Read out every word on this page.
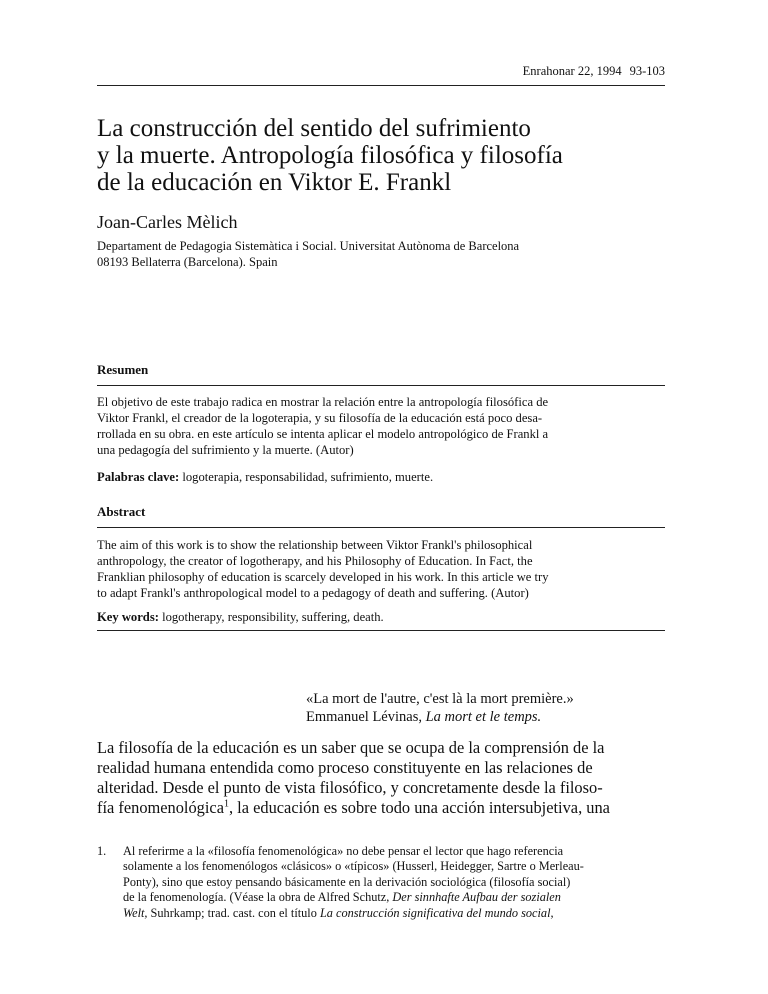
Enrahonar 22, 1994 93-103
La construcción del sentido del sufrimiento
y la muerte. Antropología filosófica y filosofía
de la educación en Viktor E. Frankl
Joan-Carles Mèlich
Departament de Pedagogia Sistemàtica i Social. Universitat Autònoma de Barcelona
08193 Bellaterra (Barcelona). Spain
Resumen
El objetivo de este trabajo radica en mostrar la relación entre la antropología filosófica de
Viktor Frankl, el creador de la logoterapia, y su filosofía de la educación está poco desa-
rrollada en su obra. en este artículo se intenta aplicar el modelo antropológico de Frankl a
una pedagogía del sufrimiento y la muerte. (Autor)
Palabras clave: logoterapia, responsabilidad, sufrimiento, muerte.
Abstract
The aim of this work is to show the relationship between Viktor Frankl's philosophical
anthropology, the creator of logotherapy, and his Philosophy of Education. In Fact, the
Franklian philosophy of education is scarcely developed in his work. In this article we try
to adapt Frankl's anthropological model to a pedagogy of death and suffering. (Autor)
Key words: logotherapy, responsibility, suffering, death.
«La mort de l'autre, c'est là la mort première.»
Emmanuel Lévinas, La mort et le temps.
La filosofía de la educación es un saber que se ocupa de la comprensión de la
realidad humana entendida como proceso constituyente en las relaciones de
alteridad. Desde el punto de vista filosófico, y concretamente desde la filoso-
fía fenomenológica$^1$, la educación es sobre todo una acción intersubjetiva, una
1. Al referirme a la «filosofía fenomenológica» no debe pensar el lector que hago referencia
solamente a los fenomenólogos «clásicos» o «típicos» (Husserl, Heidegger, Sartre o Merleau-
Ponty), sino que estoy pensando básicamente en la derivación sociológica (filosofía social)
de la fenomenología. (Véase la obra de Alfred Schutz, Der sinnhafte Aufbau der sozialen
Welt, Suhrkamp; trad. cast. con el título La construcción significativa del mundo social,
